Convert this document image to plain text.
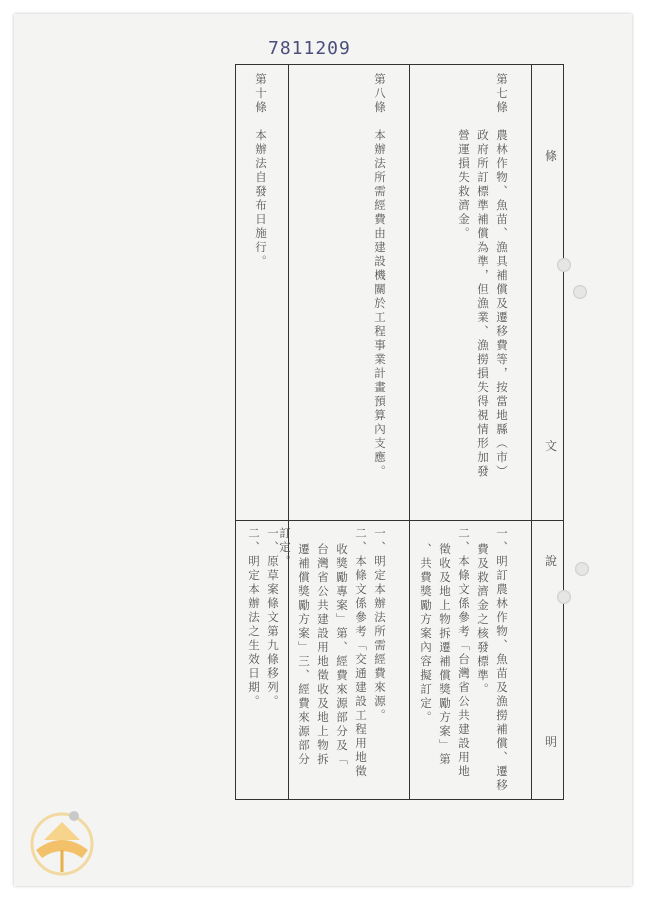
7811209
條
文
說
明
第七條　農林作物、魚苗、漁具補償及遷移費等，按當地縣（市）
政府所訂標準補償為準，但漁業、漁撈損失得視情形加發
營運損失救濟金。
第八條　本辦法所需經費由建設機關於工程事業計畫預算內支應。
第十條　本辦法自發布日施行。
一、明訂農林作物、魚苗及漁撈補償、遷移
費及救濟金之核發標準。
二、本條文係參考「台灣省公共建設用地
徵收及地上物拆遷補償獎勵方案」第
、共費獎勵方案內容擬訂定。
一、明定本辦法所需經費來源。
二、本條文係參考「交通建設工程用地徵
收獎勵專案」第、經費來源部分及「
台灣省公共建設用地徵收及地上物拆
遷補償獎勵方案」三、經費來源部分
一、原草案條文第九條移列。
二、明定本辦法之生效日期。 訂定。
